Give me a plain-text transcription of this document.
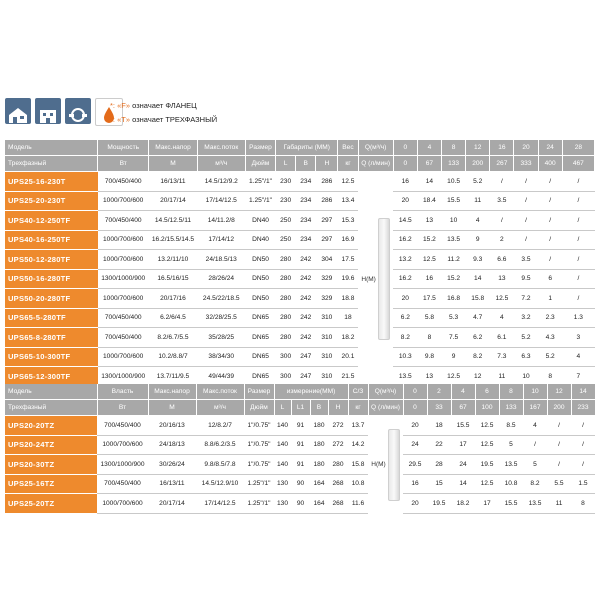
*: «F» означает ФЛАНЕЦ
*: «T» означает ТРЕХФАЗНЫЙ
Модель	Мощность	Макс.напор	Макс.поток	Размер	Габариты (MM)			Вес	Q(м³/ч)	0	4	8	12	16	20	24	28
Трехфазный	Вт	M	м³/ч	Дюйм	L	B	H	кг	Q (л/мин)	0	67	133	200	267	333	400	467
UPS25-16-230T	700/450/400	16/13/11	14.5/12/9.2	1.25"/1"	230	234	286	12.5	H(M)	16	14	10.5	5.2	/	/	/	/
UPS25-20-230T	1000/700/600	20/17/14	17/14/12.5	1.25"/1"	230	234	286	13.4		20	18.4	15.5	11	3.5	/	/	/
UPS40-12-250TF	700/450/400	14.5/12.5/11	14/11.2/8	DN40	250	234	297	15.3		14.5	13	10	4	/	/	/	/
UPS40-16-250TF	1000/700/600	16.2/15.5/14.5	17/14/12	DN40	250	234	297	16.9		16.2	15.2	13.5	9	2	/	/	/
UPS50-12-280TF	1000/700/600	13.2/11/10	24/18.5/13	DN50	280	242	304	17.5		13.2	12.5	11.2	9.3	6.6	3.5	/	/
UPS50-16-280TF	1300/1000/900	16.5/16/15	28/26/24	DN50	280	242	329	19.6		16.2	16	15.2	14	13	9.5	6	/
UPS50-20-280TF	1000/700/600	20/17/16	24.5/22/18.5	DN50	280	242	329	18.8		20	17.5	16.8	15.8	12.5	7.2	1	/
UPS65-5-280TF	700/450/400	6.2/6/4.5	32/28/25.5	DN65	280	242	310	18		6.2	5.8	5.3	4.7	4	3.2	2.3	1.3
UPS65-8-280TF	700/450/400	8.2/6.7/5.5	35/28/25	DN65	280	242	310	18.2		8.2	8	7.5	6.2	6.1	5.2	4.3	3
UPS65-10-300TF	1000/700/600	10.2/8.8/7	38/34/30	DN65	300	247	310	20.1		10.3	9.8	9	8.2	7.3	6.3	5.2	4
UPS65-12-300TF	1300/1000/900	13.7/11/9.5	49/44/39	DN65	300	247	310	21.5		13.5	13	12.5	12	11	10	8	7
Модель	Власть	Макс.напор	Макс.поток	Размер	измерение(MM)				C/З	Q(м³/ч)	0	2	4	6	8	10	12	14
Трехфазный	Вт	M	м³/ч	Дюйм	L	L1	B	H	кг	Q (л/мин)	0	33	67	100	133	167	200	233
UPS20-20TZ	700/450/400	20/16/13	12/8.2/7	1"/0.75"	140	91	180	272	13.7	H(M)	20	18	15.5	12.5	8.5	4	/	/
UPS20-24TZ	1000/700/600	24/18/13	8.8/6.2/3.5	1"/0.75"	140	91	180	272	14.2		24	22	17	12.5	5	/	/	/
UPS20-30TZ	1300/1000/900	30/26/24	9.8/8.5/7.8	1"/0.75"	140	91	180	280	15.8		29.5	28	24	19.5	13.5	5	/	/
UPS25-16TZ	700/450/400	16/13/11	14.5/12.9/10	1.25"/1"	130	90	164	268	10.8		16	15	14	12.5	10.8	8.2	5.5	1.5
UPS25-20TZ	1000/700/600	20/17/14	17/14/12.5	1.25"/1"	130	90	164	268	11.6		20	19.5	18.2	17	15.5	13.5	11	8
